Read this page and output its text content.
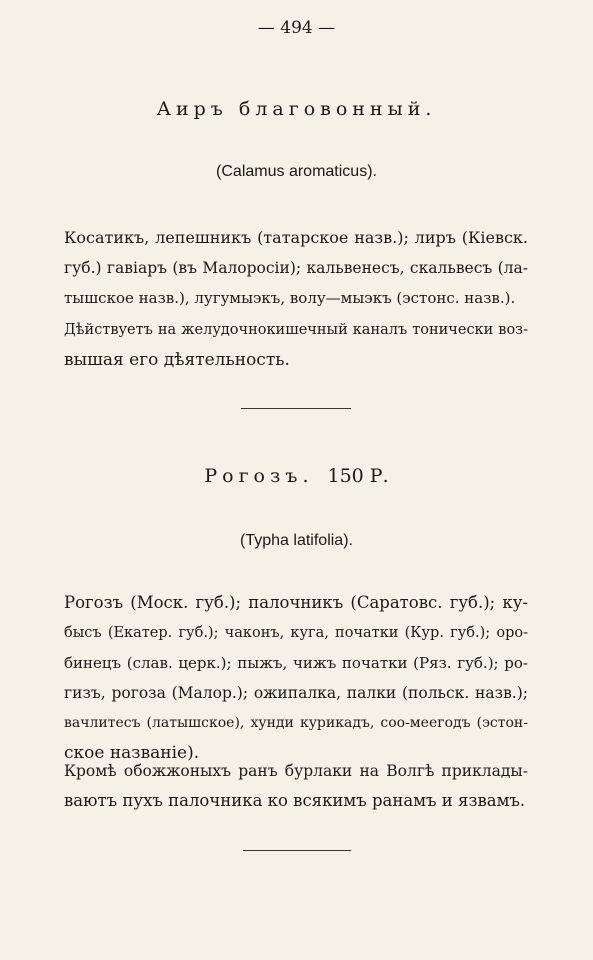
— 494 —
Аиръ благовонный.
(Calamus aromaticus).
Косатикъ, лепешникъ (татарское назв.); лиръ (Кіевск.
губ.) гавіаръ (въ Малоросіи); кальвенесъ, скальвесъ (ла-
тышское назв.), лугумыэкъ, волу—мыэкъ (эстонс. назв.).
Дѣйствуетъ на желудочнокишечный каналъ тонически воз-
вышая его дѣятельность.
Рогозъ. 150 Р.
(Typha latifolia).
Рогозъ (Моск. губ.); палочникъ (Саратовс. губ.); ку-
бысъ (Екатер. губ.); чаконъ, куга, початки (Кур. губ.); оро-
бинецъ (слав. церк.); пыжъ, чижъ початки (Ряз. губ.); ро-
гизъ, рогоза (Малор.); ожипалка, палки (польск. назв.);
вачлитесъ (латышское), хунди курикадъ, соо-меегодъ (эстон-
ское названіе).
Кромѣ обожжоныхъ ранъ бурлаки на Волгѣ приклады-
ваютъ пухъ палочника ко всякимъ ранамъ и язвамъ.
